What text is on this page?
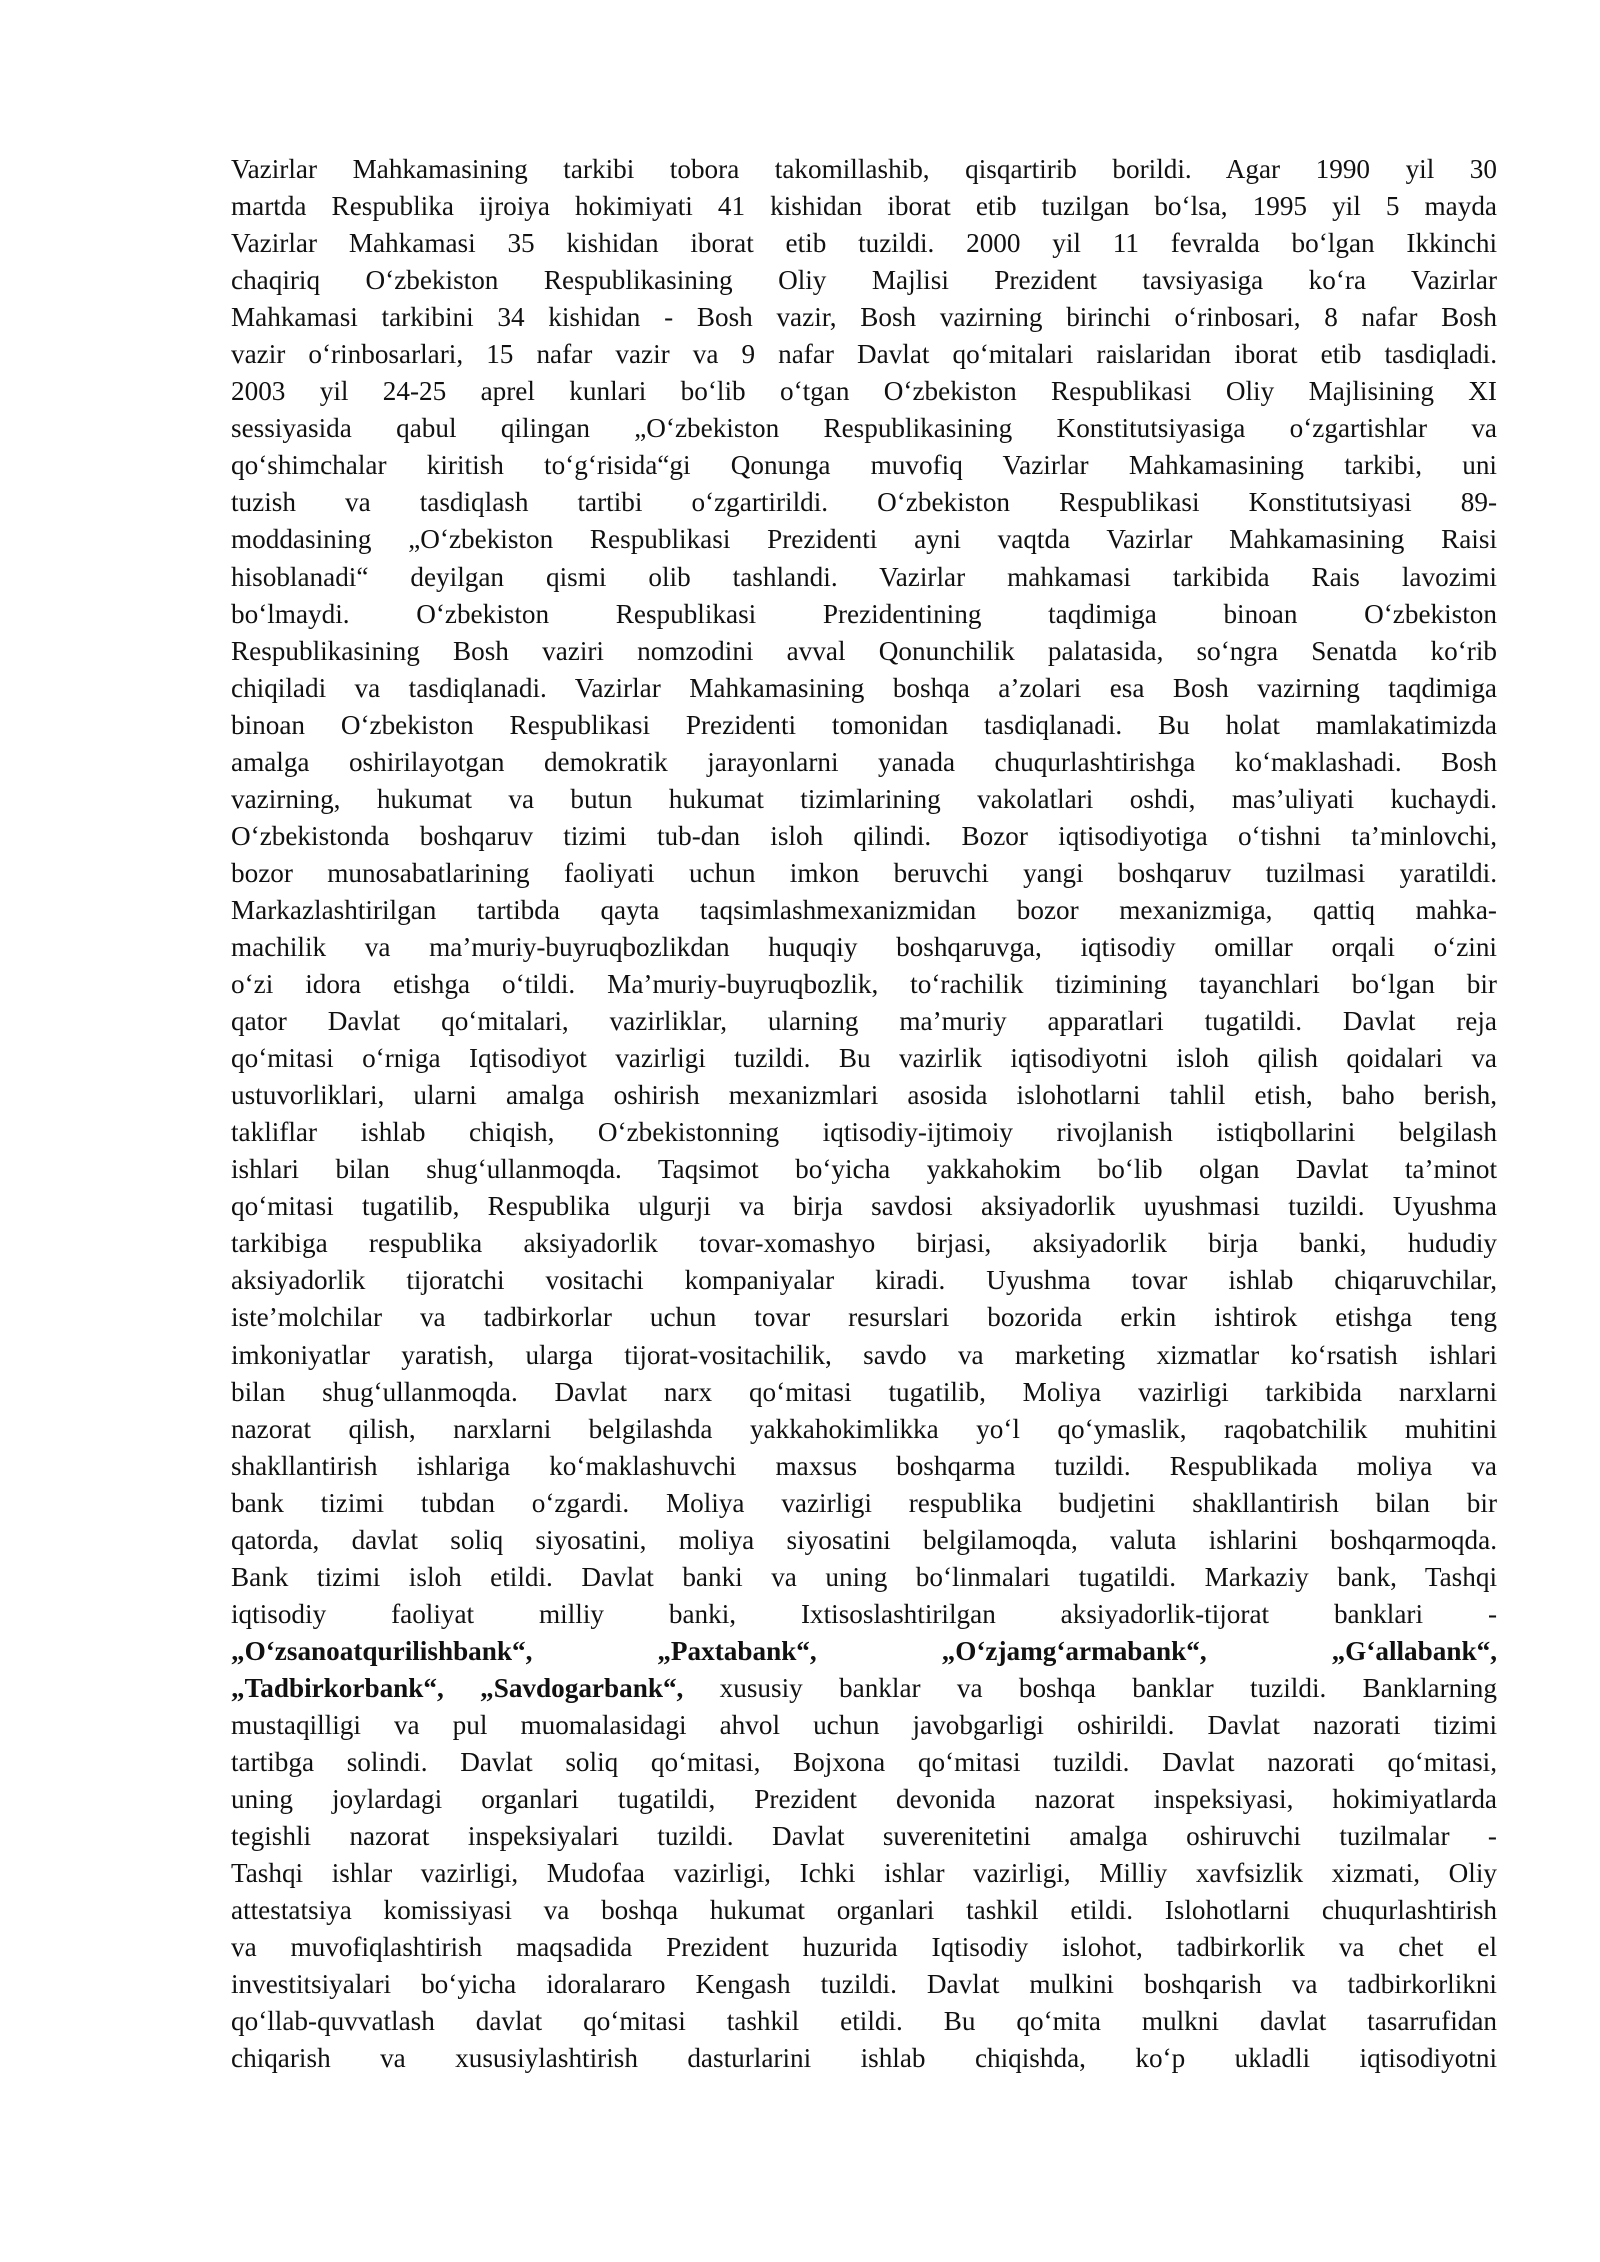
Vazirlar Mahkamasining tarkibi tobora takomillashib, qisqartirib borildi. Agar 1990 yil 30
martda Respublika ijroiya hokimiyati 41 kishidan iborat etib tuzilgan bo‘lsa, 1995 yil 5 mayda
Vazirlar Mahkamasi 35 kishidan iborat etib tuzildi. 2000 yil 11 fevralda bo‘lgan Ikkinchi
chaqiriq O‘zbekiston Respublikasining Oliy Majlisi Prezident tavsiyasiga ko‘ra Vazirlar
Mahkamasi tarkibini 34 kishidan - Bosh vazir, Bosh vazirning birinchi o‘rinbosari, 8 nafar Bosh
vazir o‘rinbosarlari, 15 nafar vazir va 9 nafar Davlat qo‘mitalari raislaridan iborat etib tasdiqladi.
2003 yil 24-25 aprel kunlari bo‘lib o‘tgan O‘zbekiston Respublikasi Oliy Majlisining XI
sessiyasida qabul qilingan „O‘zbekiston Respublikasining Konstitutsiyasiga o‘zgartishlar va
qo‘shimchalar kiritish to‘g‘risida“gi Qonunga muvofiq Vazirlar Mahkamasining tarkibi, uni
tuzish va tasdiqlash tartibi o‘zgartirildi. O‘zbekiston Respublikasi Konstitutsiyasi 89-
moddasining „O‘zbekiston Respublikasi Prezidenti ayni vaqtda Vazirlar Mahkamasining Raisi
hisoblanadi“ deyilgan qismi olib tashlandi. Vazirlar mahkamasi tarkibida Rais lavozimi
bo‘lmaydi. O‘zbekiston Respublikasi Prezidentining taqdimiga binoan O‘zbekiston
Respublikasining Bosh vaziri nomzodini avval Qonunchilik palatasida, so‘ngra Senatda ko‘rib
chiqiladi va tasdiqlanadi. Vazirlar Mahkamasining boshqa a’zolari esa Bosh vazirning taqdimiga
binoan O‘zbekiston Respublikasi Prezidenti tomonidan tasdiqlanadi. Bu holat mamlakatimizda
amalga oshirilayotgan demokratik jarayonlarni yanada chuqurlashtirishga ko‘maklashadi. Bosh
vazirning, hukumat va butun hukumat tizimlarining vakolatlari oshdi, mas’uliyati kuchaydi.
O‘zbekistonda boshqaruv tizimi tub-dan isloh qilindi. Bozor iqtisodiyotiga o‘tishni ta’minlovchi,
bozor munosabatlarining faoliyati uchun imkon beruvchi yangi boshqaruv tuzilmasi yaratildi.
Markazlashtirilgan tartibda qayta taqsimlashmexanizmidan bozor mexanizmiga, qattiq mahka-
machilik va ma’muriy-buyruqbozlikdan huquqiy boshqaruvga, iqtisodiy omillar orqali o‘zini
o‘zi idora etishga o‘tildi. Ma’muriy-buyruqbozlik, to‘rachilik tizimining tayanchlari bo‘lgan bir
qator Davlat qo‘mitalari, vazirliklar, ularning ma’muriy apparatlari tugatildi. Davlat reja
qo‘mitasi o‘rniga Iqtisodiyot vazirligi tuzildi. Bu vazirlik iqtisodiyotni isloh qilish qoidalari va
ustuvorliklari, ularni amalga oshirish mexanizmlari asosida islohotlarni tahlil etish, baho berish,
takliflar ishlab chiqish, O‘zbekistonning iqtisodiy-ijtimoiy rivojlanish istiqbollarini belgilash
ishlari bilan shug‘ullanmoqda. Taqsimot bo‘yicha yakkahokim bo‘lib olgan Davlat ta’minot
qo‘mitasi tugatilib, Respublika ulgurji va birja savdosi aksiyadorlik uyushmasi tuzildi. Uyushma
tarkibiga respublika aksiyadorlik tovar-xomashyo birjasi, aksiyadorlik birja banki, hududiy
aksiyadorlik tijoratchi vositachi kompaniyalar kiradi. Uyushma tovar ishlab chiqaruvchilar,
iste’molchilar va tadbirkorlar uchun tovar resurslari bozorida erkin ishtirok etishga teng
imkoniyatlar yaratish, ularga tijorat-vositachilik, savdo va marketing xizmatlar ko‘rsatish ishlari
bilan shug‘ullanmoqda. Davlat narx qo‘mitasi tugatilib, Moliya vazirligi tarkibida narxlarni
nazorat qilish, narxlarni belgilashda yakkahokimlikka yo‘l qo‘ymaslik, raqobatchilik muhitini
shakllantirish ishlariga ko‘maklashuvchi maxsus boshqarma tuzildi. Respublikada moliya va
bank tizimi tubdan o‘zgardi. Moliya vazirligi respublika budjetini shakllantirish bilan bir
qatorda, davlat soliq siyosatini, moliya siyosatini belgilamoqda, valuta ishlarini boshqarmoqda.
Bank tizimi isloh etildi. Davlat banki va uning bo‘linmalari tugatildi. Markaziy bank, Tashqi
iqtisodiy faoliyat milliy banki, Ixtisoslashtirilgan aksiyadorlik-tijorat banklari -
„O‘zsanoatqurilishbank“, „Paxtabank“, „O‘zjamg‘armabank“, „G‘allabank“,
„Tadbirkorbank“, „Savdogarbank“, xususiy banklar va boshqa banklar tuzildi. Banklarning
mustaqilligi va pul muomalasidagi ahvol uchun javobgarligi oshirildi. Davlat nazorati tizimi
tartibga solindi. Davlat soliq qo‘mitasi, Bojxona qo‘mitasi tuzildi. Davlat nazorati qo‘mitasi,
uning joylardagi organlari tugatildi, Prezident devonida nazorat inspeksiyasi, hokimiyatlarda
tegishli nazorat inspeksiyalari tuzildi. Davlat suverenitetini amalga oshiruvchi tuzilmalar -
Tashqi ishlar vazirligi, Mudofaa vazirligi, Ichki ishlar vazirligi, Milliy xavfsizlik xizmati, Oliy
attestatsiya komissiyasi va boshqa hukumat organlari tashkil etildi. Islohotlarni chuqurlashtirish
va muvofiqlashtirish maqsadida Prezident huzurida Iqtisodiy islohot, tadbirkorlik va chet el
investitsiyalari bo‘yicha idoralararo Kengash tuzildi. Davlat mulkini boshqarish va tadbirkorlikni
qo‘llab-quvvatlash davlat qo‘mitasi tashkil etildi. Bu qo‘mita mulkni davlat tasarrufidan
chiqarish va xususiylashtirish dasturlarini ishlab chiqishda, ko‘p ukladli iqtisodiyotni
